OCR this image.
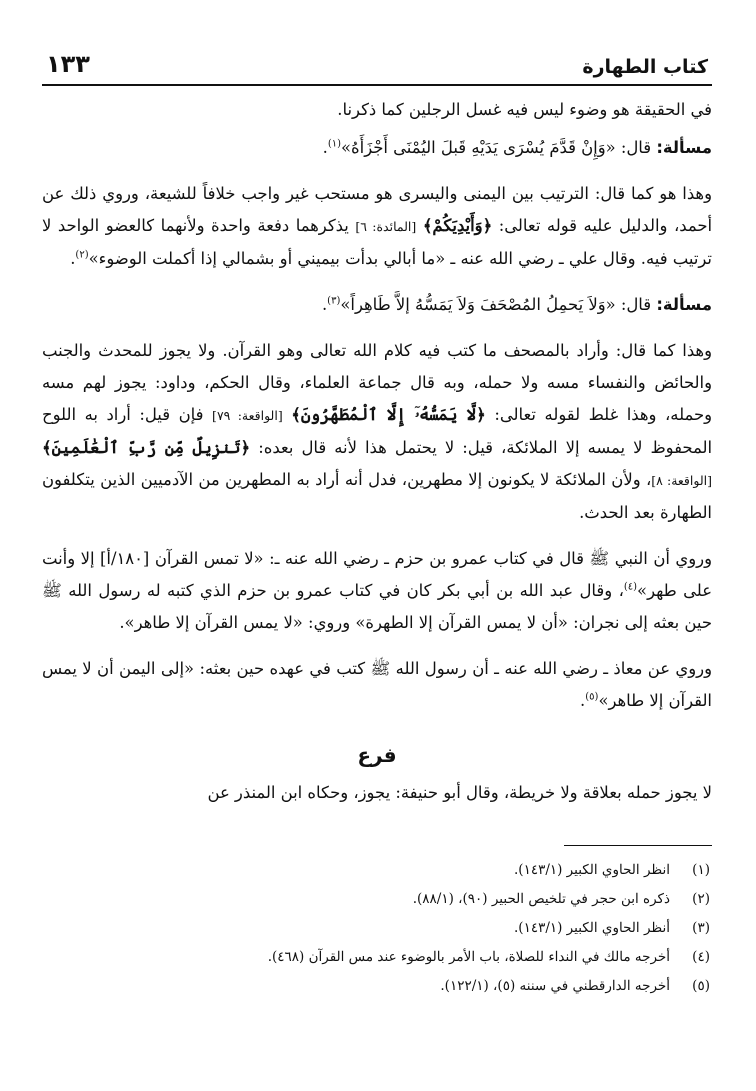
كتاب الطهارة
١٣٣

في الحقيقة هو وضوء ليس فيه غسل الرجلين كما ذكرنا.

مسألة: قال: «وَإِنْ قَدَّمَ يُسْرَى يَدَيْهِ قَبلَ اليُمْنَى أَجْزَأَهُ»$^{(١)}$.

وهذا هو كما قال: الترتيب بين اليمنى واليسرى هو مستحب غير واجب خلافاً للشيعة، وروي ذلك عن أحمد، والدليل عليه قوله تعالى: ﴿وَأَيْدِيَكُمْ﴾ [المائدة: ٦] يذكرهما دفعة واحدة ولأنهما كالعضو الواحد لا ترتيب فيه. وقال علي ـ رضي الله عنه ـ «ما أبالي بدأت بيميني أو بشمالي إذا أكملت الوضوء»$^{(٢)}$.

مسألة: قال: «وَلاَ يَحمِلُ المُصْحَفَ وَلاَ يَمَسُّهُ إلاَّ طَاهِراً»$^{(٣)}$.

وهذا كما قال: وأراد بالمصحف ما كتب فيه كلام الله تعالى وهو القرآن. ولا يجوز للمحدث والجنب والحائض والنفساء مسه ولا حمله، وبه قال جماعة العلماء، وقال الحكم، وداود: يجوز لهم مسه وحمله، وهذا غلط لقوله تعالى: ﴿لَّا يَمَسُّهُۥٓ إِلَّا ٱلْمُطَهَّرُونَ﴾ [الواقعة: ٧٩] فإن قيل: أراد به اللوح المحفوظ لا يمسه إلا الملائكة، قيل: لا يحتمل هذا لأنه قال بعده: ﴿تَنزِيلٌ مِّن رَّبِّ ٱلْعَٰلَمِينَ﴾ [الواقعة: ٨]، ولأن الملائكة لا يكونون إلا مطهرين، فدل أنه أراد به المطهرين من الآدميين الذين يتكلفون الطهارة بعد الحدث.

وروي أن النبي ﷺ قال في كتاب عمرو بن حزم ـ رضي الله عنه ـ: «لا تمس القرآن [١٨٠/أ] إلا وأنت على طهر»$^{(٤)}$، وقال عبد الله بن أبي بكر كان في كتاب عمرو بن حزم الذي كتبه له رسول الله ﷺ حين بعثه إلى نجران: «أن لا يمس القرآن إلا الطهرة» وروي: «لا يمس القرآن إلا طاهر».

وروي عن معاذ ـ رضي الله عنه ـ أن رسول الله ﷺ كتب في عهده حين بعثه: «إلى اليمن أن لا يمس القرآن إلا طاهر»$^{(٥)}$.

فرع

لا يجوز حمله بعلاقة ولا خريطة، وقال أبو حنيفة: يجوز، وحكاه ابن المنذر عن

(١)
انظر الحاوي الكبير (١٤٣/١).
(٢)
ذكره ابن حجر في تلخيص الحبير (٩٠)، (٨٨/١).
(٣)
أنظر الحاوي الكبير (١٤٣/١).
(٤)
أخرجه مالك في النداء للصلاة، باب الأمر بالوضوء عند مس القرآن (٤٦٨).
(٥)
أخرجه الدارقطني في سننه (٥)، (١٢٢/١).
